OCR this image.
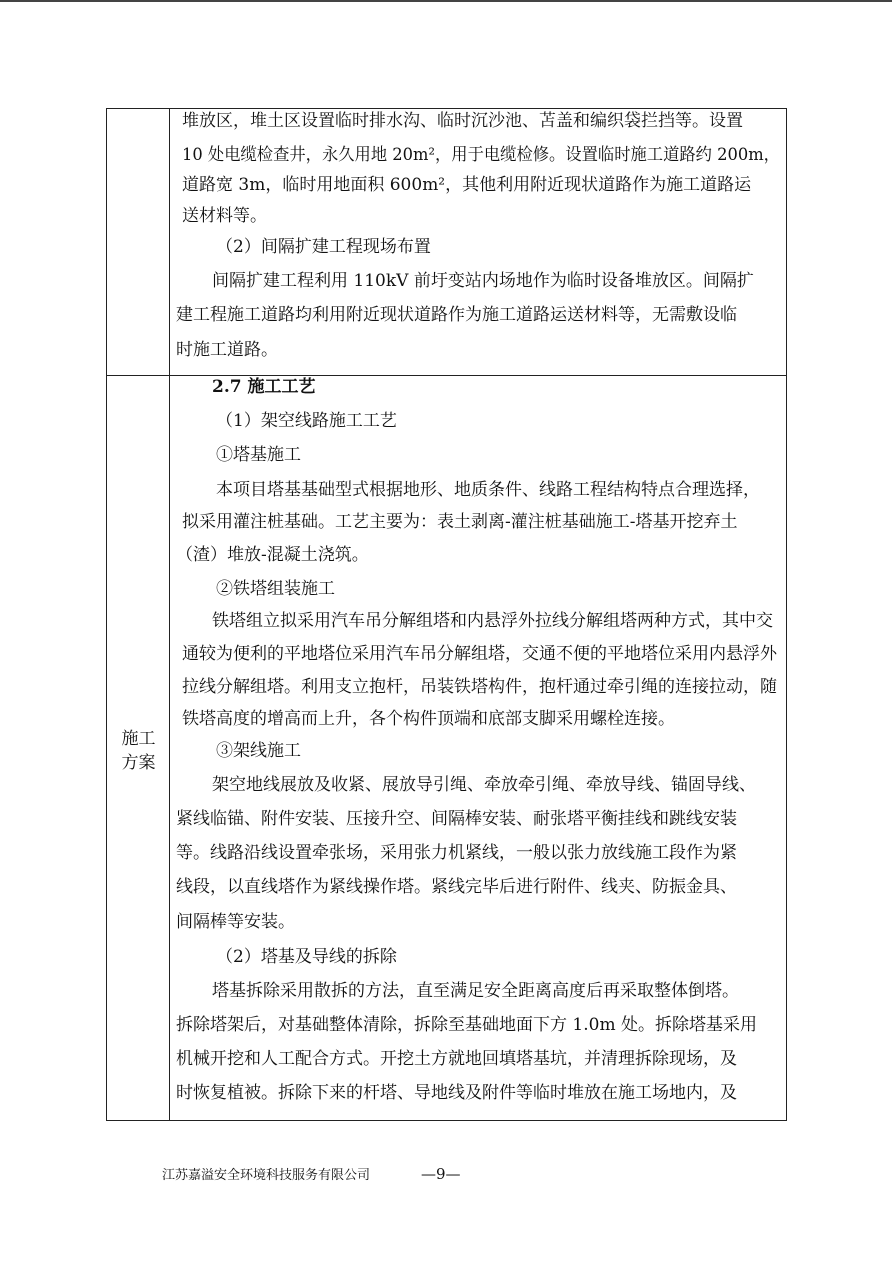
施工
方案
堆放区，堆土区设置临时排水沟、临时沉沙池、苫盖和编织袋拦挡等。设置
10 处电缆检查井，永久用地 20m²，用于电缆检修。设置临时施工道路约 200m，
道路宽 3m，临时用地面积 600m²，其他利用附近现状道路作为施工道路运
送材料等。
（2）间隔扩建工程现场布置
间隔扩建工程利用 110kV 前圩变站内场地作为临时设备堆放区。间隔扩
建工程施工道路均利用附近现状道路作为施工道路运送材料等，无需敷设临
时施工道路。
2.7 施工工艺
（1）架空线路施工工艺
①塔基施工
本项目塔基基础型式根据地形、地质条件、线路工程结构特点合理选择，
拟采用灌注桩基础。工艺主要为：表土剥离-灌注桩基础施工-塔基开挖弃土
（渣）堆放-混凝土浇筑。
②铁塔组装施工
铁塔组立拟采用汽车吊分解组塔和内悬浮外拉线分解组塔两种方式，其中交
通较为便利的平地塔位采用汽车吊分解组塔，交通不便的平地塔位采用内悬浮外
拉线分解组塔。利用支立抱杆，吊装铁塔构件，抱杆通过牵引绳的连接拉动，随
铁塔高度的增高而上升，各个构件顶端和底部支脚采用螺栓连接。
③架线施工
架空地线展放及收紧、展放导引绳、牵放牵引绳、牵放导线、锚固导线、
紧线临锚、附件安装、压接升空、间隔棒安装、耐张塔平衡挂线和跳线安装
等。线路沿线设置牵张场，采用张力机紧线，一般以张力放线施工段作为紧
线段，以直线塔作为紧线操作塔。紧线完毕后进行附件、线夹、防振金具、
间隔棒等安装。
（2）塔基及导线的拆除
塔基拆除采用散拆的方法，直至满足安全距离高度后再采取整体倒塔。
拆除塔架后，对基础整体清除，拆除至基础地面下方 1.0m 处。拆除塔基采用
机械开挖和人工配合方式。开挖土方就地回填塔基坑，并清理拆除现场，及
时恢复植被。拆除下来的杆塔、导地线及附件等临时堆放在施工场地内，及
江苏嘉溢安全环境科技服务有限公司	—9—
